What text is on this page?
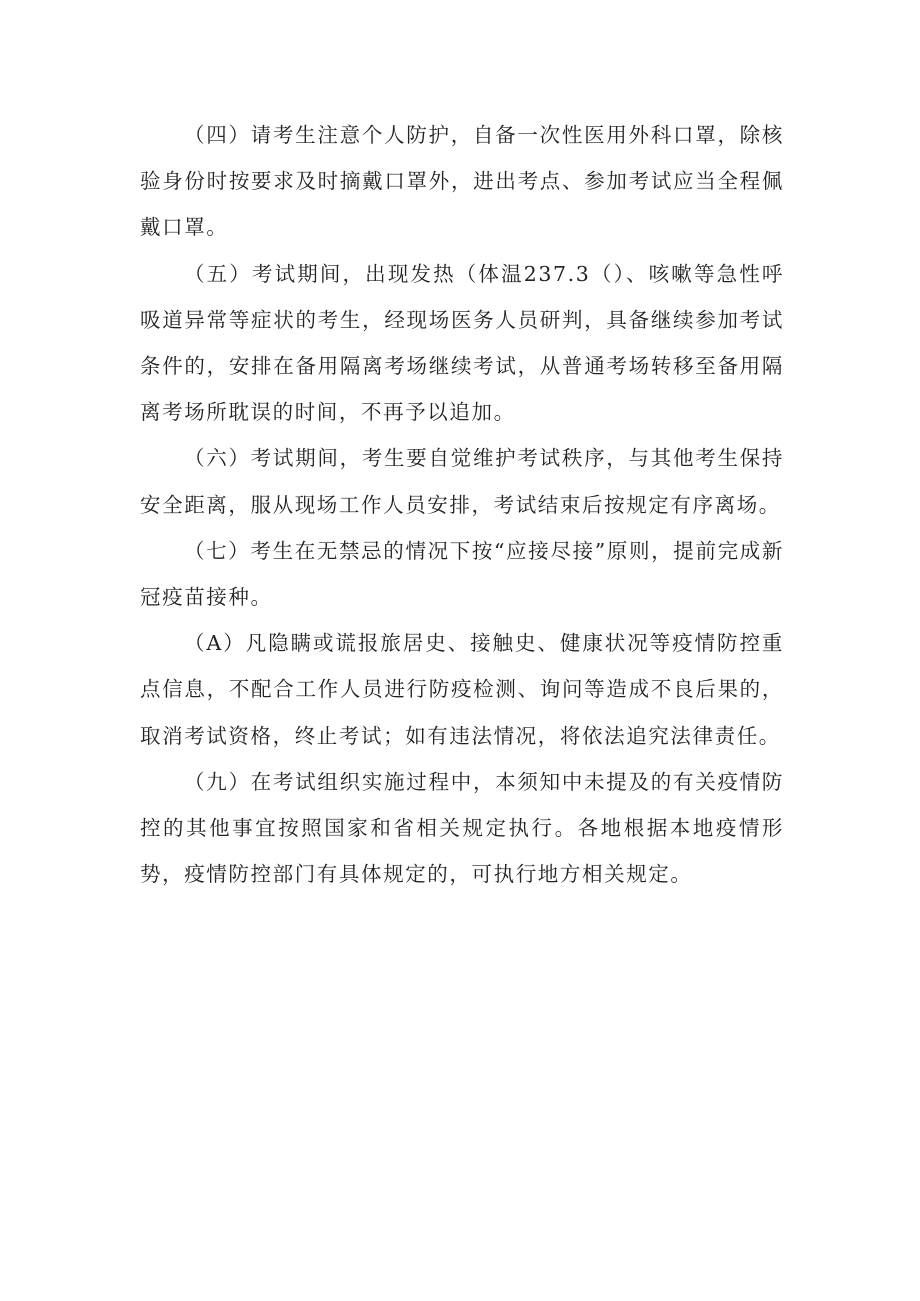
（四）请考生注意个人防护，自备一次性医用外科口罩，除核验身份时按要求及时摘戴口罩外，进出考点、参加考试应当全程佩戴口罩。

（五）考试期间，出现发热（体温237.3（）、咳嗽等急性呼吸道异常等症状的考生，经现场医务人员研判，具备继续参加考试条件的，安排在备用隔离考场继续考试，从普通考场转移至备用隔离考场所耽误的时间，不再予以追加。

（六）考试期间，考生要自觉维护考试秩序，与其他考生保持安全距离，服从现场工作人员安排，考试结束后按规定有序离场。

（七）考生在无禁忌的情况下按“应接尽接”原则，提前完成新冠疫苗接种。

（A）凡隐瞒或谎报旅居史、接触史、健康状况等疫情防控重点信息，不配合工作人员进行防疫检测、询问等造成不良后果的，取消考试资格，终止考试；如有违法情况，将依法追究法律责任。

（九）在考试组织实施过程中，本须知中未提及的有关疫情防控的其他事宜按照国家和省相关规定执行。各地根据本地疫情形势，疫情防控部门有具体规定的，可执行地方相关规定。
